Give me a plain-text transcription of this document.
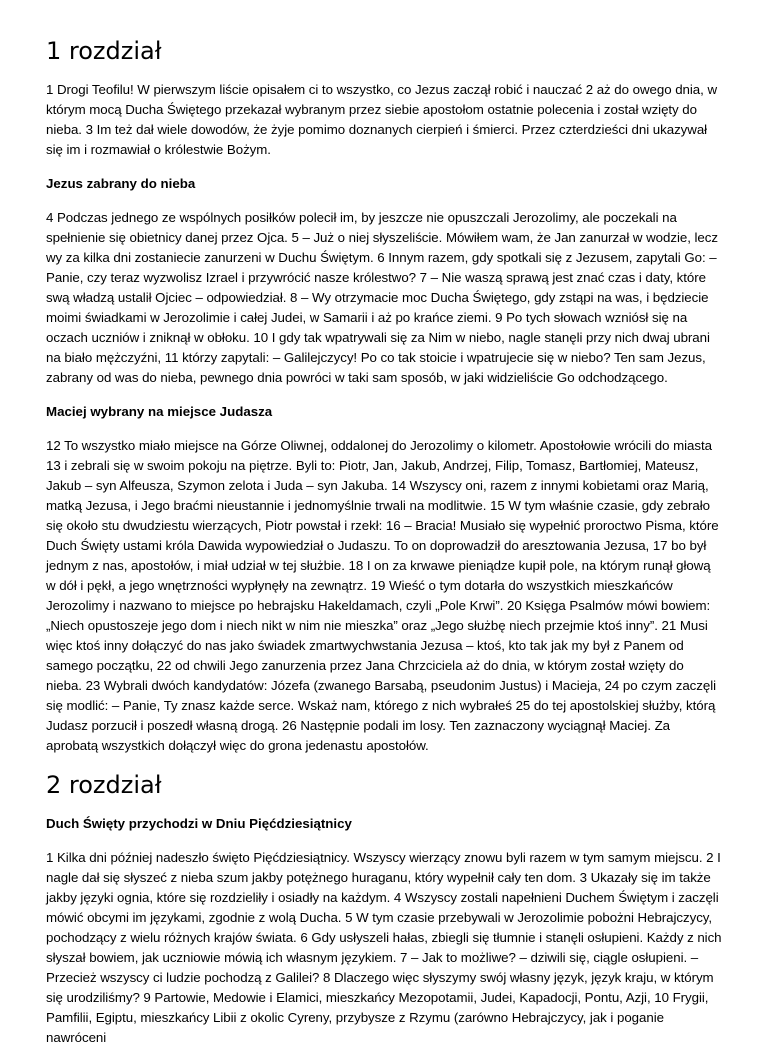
1 rozdział

1 Drogi Teofilu! W pierwszym liście opisałem ci to wszystko, co Jezus zaczął robić i nauczać 2 aż do owego dnia, w którym mocą Ducha Świętego przekazał wybranym przez siebie apostołom ostatnie polecenia i został wzięty do nieba. 3 Im też dał wiele dowodów, że żyje pomimo doznanych cierpień i śmierci. Przez czterdzieści dni ukazywał się im i rozmawiał o królestwie Bożym.

Jezus zabrany do nieba

4 Podczas jednego ze wspólnych posiłków polecił im, by jeszcze nie opuszczali Jerozolimy, ale poczekali na spełnienie się obietnicy danej przez Ojca. 5 – Już o niej słyszeliście. Mówiłem wam, że Jan zanurzał w wodzie, lecz wy za kilka dni zostaniecie zanurzeni w Duchu Świętym. 6 Innym razem, gdy spotkali się z Jezusem, zapytali Go: – Panie, czy teraz wyzwolisz Izrael i przywrócić nasze królestwo? 7 – Nie waszą sprawą jest znać czas i daty, które swą władzą ustalił Ojciec – odpowiedział. 8 – Wy otrzymacie moc Ducha Świętego, gdy zstąpi na was, i będziecie moimi świadkami w Jerozolimie i całej Judei, w Samarii i aż po krańce ziemi. 9 Po tych słowach wzniósł się na oczach uczniów i zniknął w obłoku. 10 I gdy tak wpatrywali się za Nim w niebo, nagle stanęli przy nich dwaj ubrani na biało mężczyźni, 11 którzy zapytali: – Galilejczycy! Po co tak stoicie i wpatrujecie się w niebo? Ten sam Jezus, zabrany od was do nieba, pewnego dnia powróci w taki sam sposób, w jaki widzieliście Go odchodzącego.

Maciej wybrany na miejsce Judasza

12 To wszystko miało miejsce na Górze Oliwnej, oddalonej do Jerozolimy o kilometr. Apostołowie wrócili do miasta 13 i zebrali się w swoim pokoju na piętrze. Byli to: Piotr, Jan, Jakub, Andrzej, Filip, Tomasz, Bartłomiej, Mateusz, Jakub – syn Alfeusza, Szymon zelota i Juda – syn Jakuba. 14 Wszyscy oni, razem z innymi kobietami oraz Marią, matką Jezusa, i Jego braćmi nieustannie i jednomyślnie trwali na modlitwie. 15 W tym właśnie czasie, gdy zebrało się około stu dwudziestu wierzących, Piotr powstał i rzekł: 16 – Bracia! Musiało się wypełnić proroctwo Pisma, które Duch Święty ustami króla Dawida wypowiedział o Judaszu. To on doprowadził do aresztowania Jezusa, 17 bo był jednym z nas, apostołów, i miał udział w tej służbie. 18 I on za krwawe pieniądze kupił pole, na którym runął głową w dół i pękł, a jego wnętrzności wypłynęły na zewnątrz. 19 Wieść o tym dotarła do wszystkich mieszkańców Jerozolimy i nazwano to miejsce po hebrajsku Hakeldamach, czyli „Pole Krwi”. 20 Księga Psalmów mówi bowiem: „Niech opustoszeje jego dom i niech nikt w nim nie mieszka” oraz „Jego służbę niech przejmie ktoś inny”. 21 Musi więc ktoś inny dołączyć do nas jako świadek zmartwychwstania Jezusa – ktoś, kto tak jak my był z Panem od samego początku, 22 od chwili Jego zanurzenia przez Jana Chrzciciela aż do dnia, w którym został wzięty do nieba. 23 Wybrali dwóch kandydatów: Józefa (zwanego Barsabą, pseudonim Justus) i Macieja, 24 po czym zaczęli się modlić: – Panie, Ty znasz każde serce. Wskaż nam, którego z nich wybrałeś 25 do tej apostolskiej służby, którą Judasz porzucił i poszedł własną drogą. 26 Następnie podali im losy. Ten zaznaczony wyciągnął Maciej. Za aprobatą wszystkich dołączył więc do grona jedenastu apostołów.

2 rozdział
Duch Święty przychodzi w Dniu Pięćdziesiątnicy

1 Kilka dni później nadeszło święto Pięćdziesiątnicy. Wszyscy wierzący znowu byli razem w tym samym miejscu. 2 I nagle dał się słyszeć z nieba szum jakby potężnego huraganu, który wypełnił cały ten dom. 3 Ukazały się im także jakby języki ognia, które się rozdzieliły i osiadły na każdym. 4 Wszyscy zostali napełnieni Duchem Świętym i zaczęli mówić obcymi im językami, zgodnie z wolą Ducha. 5 W tym czasie przebywali w Jerozolimie pobożni Hebrajczycy, pochodzący z wielu różnych krajów świata. 6 Gdy usłyszeli hałas, zbiegli się tłumnie i stanęli osłupieni. Każdy z nich słyszał bowiem, jak uczniowie mówią ich własnym językiem. 7 – Jak to możliwe? – dziwili się, ciągle osłupieni. – Przecież wszyscy ci ludzie pochodzą z Galilei? 8 Dlaczego więc słyszymy swój własny język, język kraju, w którym się urodziliśmy? 9 Partowie, Medowie i Elamici, mieszkańcy Mezopotamii, Judei, Kapadocji, Pontu, Azji, 10 Frygii, Pamfilii, Egiptu, mieszkańcy Libii z okolic Cyreny, przybysze z Rzymu (zarówno Hebrajczycy, jak i poganie nawróceni
